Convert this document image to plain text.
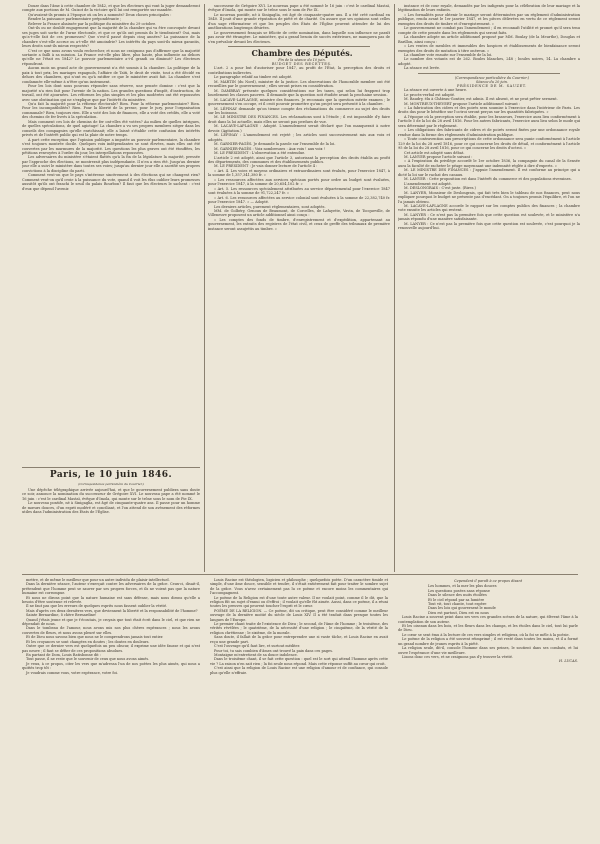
Douze dans l'âme à cette chambre de 1842, et que les électeurs qui vont la juger demanderont compte aux portions de M. Guizot de la victoire qu'il lui ont remportée sur mandée.

Qu'avaient-ils promis à l'époque où on les a nommés? Deux choses principales :

Rendre la puissance parlementaire prépondérante ;

Relever la France abaissée par la politique du ministère du 29 octobre.

Ont-ils ou ne doublé engagement que la majorité de la chambre qui va être convoquée devant ses juges soit sortie de l'urne électorale, et que ce qu'ils ont promis ils le tiendraient? Oui, mais qu'a-t-elle fait de ces promesses? Que s'est-il passé depuis cinq années? La puissance de la chambre s'est-elle accrue ou a-t-elle été amoindrie? Les intérêts du pays sont-ils mieux garantis, leurs droits sont-ils mieux respectés?

C'est ce que nous avons voulu rechercher, et nous ne craignons pas d'affirmer que la majorité sortante a failli à sa mission. La France est-elle plus libre, plus haute, plus influente au dehors qu'elle ne l'était en 1842? Le pouvoir parlementaire a-t-il grandi ou diminué? Les électeurs répondront.

Aucun mois un grand acte de gouvernement n'a été soumis à la chambre. La politique de la paix à tout prix, les mariages espagnols, l'affaire de Taïti, le droit de visite, tout a été décidé en dehors des chambres, qui n'ont eu qu'à ratifier ce que le ministère avait fait. La chambre s'est condamnée elle-même à n'être qu'un instrument.

Pour les lois dont nous pouvons répondre sans réserve, une pensée domine : c'est que la majorité n'a rien fait pour l'avenir de la nation. Les grandes questions d'impôt, d'instruction, de travail, ont été ajournées. Les réformes les plus simples et les plus modérées ont été repoussées avec une obstination qui ne s'explique que par l'intérêt du ministère.

Qu'a fait la majorité pour la réforme électorale? Rien. Pour la réforme parlementaire? Rien. Pour les incompatibilités? Rien. Pour la liberté de la presse, pour le jury, pour l'organisation communale? Rien, toujours rien. Elle a voté des lois de finances, elle a voté des crédits, elle a voté des chemins de fer livrés à la spéculation.

Mais comment ces lois de chemins de fer ont-elles été votées? Au milieu de quelles intrigues, de quelles spéculations, de quel agiotage! La chambre a vu ses propres membres siéger dans les conseils des compagnies qu'elle enrichissait; elle a laissé s'établir cette confusion des intérêts privés et de l'intérêt public qui est la plaie de notre temps.

A part cette exception que l'opinion publique a imputée au pouvoir parlementaire, la chambre s'est toujours montrée docile. Quelques voix indépendantes se sont élevées, mais elles ont été couvertes par les murmures de la majorité. Les questions les plus graves ont été étouffées, les pétitions renvoyées à l'ordre du jour, les interpellations repoussées.

Les adversaires du ministère s'étaient flattés qu'à la fin de la législature la majorité, pressée par l'approche des élections, se montrerait plus indépendante. Il n'en a rien été. Jusqu'au dernier jour elle a suivi le ministère dans toutes ses voies; jusqu'au dernier jour elle a sacrifié ses propres convictions à la discipline du parti.

Comment veut-on que le pays s'intéresse sincèrement à des élections qui ne changent rien? Comment veut-on qu'il croie à la puissance du vote, quand il voit les élus oublier leurs promesses aussitôt qu'ils ont franchi le seuil du palais Bourbon? Il faut que les électeurs le sachent : c'est d'eux que dépend l'avenir.

Paris, le 10 juin 1846.
(Correspondance particulière du Courrier.)

Une dépêche télégraphique arrivée aujourd'hui, et que le gouvernement publiera sans doute ce soir, annonce la nomination du successeur de Grégoire XVI. Le nouveau pape a été nommé le 16 juin : c'est le cardinal Mastaï, évêque d'Imola, qui monte sur le trône sous le nom de Pie IX.

Le nouveau pontife, né à Sinigaglia, est âgé de cinquante-quatre ans. Il passe pour un homme de mœurs douces, d'un esprit modéré et conciliant, et l'on attend de son avènement des réformes utiles dans l'administration des États de l'Église.

successeur de Grégoire XVI. Le nouveau pape a été nommé le 16 juin : c'est le cardinal Mastaï, évêque d'Imola, qui monte sur le trône sous le nom de Pie IX.

Le nouveau pontife, né à Sinigaglia, est âgé de cinquante-quatre ans. Il a été créé cardinal en 1840. Il jouit d'une grande réputation de piété et de charité. On assure que ses opinions sont celles d'un sage réformateur et que les peuples des États de l'Église peuvent attendre de lui des améliorations longtemps désirées.

Le gouvernement français se félicite de cette nomination, dans laquelle son influence ne paraît pas avoir été étrangère. Le ministère, qui a grand besoin de succès extérieurs, ne manquera pas de s'en prévaloir devant les électeurs.

Chambre des Députés.

Fin de la séance du 10 juin.

BUDGET DES RECETTES.

L'art. 2 a pour but d'autoriser pour 1847, au profit de l'État, la perception des droits et contributions indirectes.

Le paragraphe relatif au timbre est adopté.

M. MARTIN (du Nord), ministre de la justice. Les observations de l'honorable membre ont été recueillies par le gouvernement ; elles seront prises en considération.

M. DAMBRAY présente quelques considérations sur les taxes, qui selon lui frappent trop lourdement les classes pauvres. Il demande que la question soit étudiée avant la prochaine session.

M. LACAVE-LAPLAGNE, ministre des finances. Je reconnais que la question mérite examen ; le gouvernement s'en occupe, et il croit pouvoir promettre qu'un projet sera présenté à la chambre.

M. LÉPINAY demande qu'on tienne compte des réclamations du commerce au sujet des droits sur les boissons.

M. LE MINISTRE DES FINANCES. Les réclamations sont à l'étude ; il est impossible d'y faire droit dans la loi actuelle, mais elles ne seront pas perdues de vue.

M. LACAVE-LAPLAGNE : Adopté. L'amendement serait déclaré que l'on manquerait à notre devoir. (Agitation.)

M. LÉPINAY : L'amendement est rejeté ; les articles sont successivement mis aux voix et adoptés.

M. GARNIER-PAGÈS. Je demande la parole sur l'ensemble de la loi.

M. GARNIER-PAGÈS : Voix nombreuses : Aux voix ! aux voix !

M. LE PRÉSIDENT : L'observation a été entendue.

L'article 2 est adopté, ainsi que l'article 3, autorisant la perception des droits établis au profit des départements, des communes et des établissements publics.

M. LE PRÉSIDENT : Je vais donner lecture de l'article 4 :

« Art. 4. Les voies et moyens ordinaires et extraordinaires sont évalués, pour l'exercice 1847, à la somme de 1,357,341,380 fr. »

« Les ressources affectées aux services spéciaux portés pour ordre au budget sont évaluées, pour l'exercice 1847, à la somme de 20,654,102 fr. »

« Art. 5. Les ressources spécialement attribuées au service départemental pour l'exercice 1847 sont évaluées à la somme de 91,722,247 fr. »

« Art. 6. Les ressources affectées au service colonial sont évaluées à la somme de 22,382,740 fr. pour l'exercice 1847. » — Adopté.

Les derniers articles, purement réglementaires, sont adoptés.

MM. de Golbéry, Genoux de Beaumont, de Corcelles, de Lafayette, Vavin, de Tocqueville, de Villeneuve proposent un article additionnel ainsi conçu :

« Les comptes des fonds de timbre, d'enregistrement et d'expédition, appartenant au gouvernement, les extraits des registres de l'état civil, et ceux de greffe des tribunaux de première instance seront assujettis au timbre. »

instance et de cour royale, demandés par les indigents pour la célébration de leur mariage et la légitimation de leurs enfants.

« Les formalités pour obtenir le mariage seront déterminées par un règlement d'administration publique, rendu avant le 1er janvier 1847, et les pièces délivrées en vertu de ce règlement seront exemptes des droits de timbre et d'enregistrement. »

Le gouvernement ne combat pas l'amendement ; il en reconnaît l'utilité et promet qu'il sera tenu compte de cette pensée dans les règlements qui seront faits.

La chambre adopte un article additionnel proposé par MM. Boulay (de la Meurthe), Douglas et Barillon, ainsi conçu :

« Les ventes de meubles et immeubles des hospices et établissements de bienfaisance seront exemptes des droits de mutation à titre onéreux. »

La chambre vote ensuite sur l'ensemble de la loi.

Le nombre des votants est de 262. Boules blanches, 248 ; boules noires, 14. La chambre a adopté.

La séance est levée.

(Correspondance particulière du Courrier.)

Séance du 20 juin.

PRÉSIDENCE DE M. SAUZET.

La séance est ouverte à une heure.

Le procès-verbal est adopté.

M. Baudry, élu à Château-Gontier, est admis. Il est absent, et ne peut prêter serment.

M. MONTREUX-THEVERT propose l'article additionnel suivant :

« La fabrication des cidres et des poirés sera soumise à l'exercice dans l'intérieur de Paris. Les droits dus pour le bénéfice sur l'octroi seront perçus sur les quantités fabriquées. »

A l'époque où la perception sera établie, pour les brasseurs, l'exercice aura lieu conformément à l'article 5 de la loi du 28 avril 1816. Pour les autres fabricants, l'exercice aura lieu selon le mode qui sera déterminé par le règlement.

« Les obligations des fabricants de cidres et de poirés seront fixées par une ordonnance royale rendue dans la forme des règlements d'administration publique.

« Toute contravention aux prescriptions de cette ordonnance sera punie conformément à l'article 129 de la loi du 28 avril 1816, pour ce qui concerne les droits de détail, et conformément à l'article 95 de la loi du 28 avril 1816, pour ce qui concerne les droits d'octroi. »

Cet article est adopté sans débat.

M. LANYER propose l'article suivant :

« A l'expiration du privilège accordé le 1er octobre 1836, la compagnie du canal de la Sensée aura la faculté de racheter le péage moyennant une indemnité réglée à dire d'experts. »

M. LE MINISTRE DES FINANCES : J'appuie l'amendement. Il est conforme au principe qui a dicté la loi sur le rachat des canaux.

M. LANYER : Cette proposition est dans l'intérêt du commerce et des populations riveraines.

L'amendement est adopté.

M. DESLONGRAIS : C'est juste. (Rires.)

M. LANYER, Monsieur de Deslongrais, qui fait très bien le tableau de nos finances, peut nous expliquer pourquoi le budget ne présente pas d'excédant. On a toujours promis l'équilibre, et l'on ne l'a jamais obtenu.

M. LACAVE-LAPLAGNE accorde le rapport sur les comptes publics des finances ; la chambre vote ensuite les articles qui restent.

M. LANYER : Ce n'est pas la première fois que cette question est soulevée, et le ministère n'a jamais répondu d'une manière satisfaisante.

M. LANYER : Ce n'est pas la première fois que cette question est soulevée, c'est pourquoi je la renouvelle aujourd'hui.

mettre, et de même le meilleur que pour un autre individu de plaisir intellectuel.

Dans la dernière séance, l'auteur s'exerçait contre les adversaires de la grâce. Ceux-ci, disait-il, prétendent que l'homme peut se sauver par ses propres forces, et ils ne voient pas que la nature humaine est corrompue.

Et nous ne dirons point que la nature humaine est sans défense, mais nous dirons qu'elle a besoin d'être soutenue et relevée.

Il ne faut pas que les erreurs de quelques esprits nous fassent oublier la vérité.

Mais d'après ces deux dernières vers, que deviennent la liberté et la responsabilité de l'homme?

Sainte Bernardine, ô chère Bernardine!

Quand j'étais jeune et que je t'écoutais, je croyais que tout était écrit dans le ciel, et que rien ne dépendait de nous.

Dans le tombeau de l'amour, nous avons mis nos plus chères espérances ; nous les avons couvertes de fleurs, et nous avons pleuré sur elles.

Et de Dieu nous savons bien que nous ne le comprendrons jamais tout entier.

Et les croyances se sont changées en doutes ; les doutes en douleurs.

Outre que ce dernier vers est quelquefois un peu obscur, il exprime une idée fausse et qui n'est pas neuve ; il faut se défier de ces propositions absolues.

En partant de Dom, Louis Ratisbonne dit :

Tout passe, il ne reste que le souvenir de ceux que nous avons aimés.

Je veux, à ce propos, citer les vers que m'adressa l'un de nos poètes les plus aimés, qui nous a quittés trop tôt :

Je voudrais comme vous, votre espérance, votre foi.

Louis Racine est théologien, logicien et philosophe ; quelquefois poète. D'un caractère timide et simple, d'une âme douce, sensible et tendre, il s'était entièrement fait pour traiter le sombre sujet de la grâce. Vous n'avez certainement pas lu ce poème et encore moins les commentaires qui l'accompagnent.

Le poème de la Religion est d'une toute autre valeur. Il ne voulait point, comme il le dit, que la religion fût un sujet d'ennui ou d'effroi ; il voulait qu'elle fût aimée. Aussi, dans ce poème, il a réuni toutes les preuves qui peuvent toucher l'esprit et le cœur.

POÈME DE LA RELIGION. — Ce poème, dit un critique, peut être considéré comme le meilleur ouvrage de la dernière moitié du siècle de Louis XIV. Il a été traduit dans presque toutes les langues de l'Europe.

Le premier chant traite de l'existence de Dieu ; le second, de l'âme de l'homme ; le troisième, des vérités révélées ; le quatrième, de la nécessité d'une religion ; le cinquième, de la vérité de la religion chrétienne ; le sixième, de la morale.

Sans doute, il fallait de la grâce pour entreprendre une si vaste tâche, et Louis Racine en avait reçu une grande part.

C'est l'ouvrage qu'il faut lire, et surtout méditer.

Pour toi, tu sais combien d'âmes ont trouvé la paix dans ces pages.

Montaigne m'entretient de sa douce indolence.

Dans le troisième chant, il se fait cette question : quel est le sort qui attend l'homme après cette vie ? La raison n'en sait rien ; la foi seule nous répond. Mais cette réponse suffit au cœur qui croit.

C'est ainsi que la religion de Louis Racine est une religion d'amour et de confiance, qui console plus qu'elle n'effraie.

Cependant il paraît à ce propos disant

Les hommes, et la mer les plus douces

Les questions posées sans réponse

Dans le silence des nuits étoilées

Et le ciel répond par sa lumière

Tout vit, tout chante, tout espère

Dans les lois qui gouvernent le monde

Dieu est partout, Dieu est en nous

Louis Racine a souvent peint dans ses vers ces grandes scènes de la nature, qui élèvent l'âme à la contemplation de son auteur.

Et les oiseaux dans les bois, et les fleurs dans les champs, et les étoiles dans le ciel, tout lui parle de Dieu.

Le cœur se sent ému à la lecture de ces vers simples et religieux, où la foi se mêle à la poésie.

Le poème de la religion a été souvent réimprimé ; il est resté dans toutes les mains, et il a formé un grand nombre de jeunes esprits à la piété.

La religion seule, dit-il, console l'homme dans ses peines, le soutient dans ses combats, et lui ouvre l'espérance d'une vie meilleure.

Lisons donc ces vers, et ne craignons pas d'y trouver la vérité.

H. LUCAS.
